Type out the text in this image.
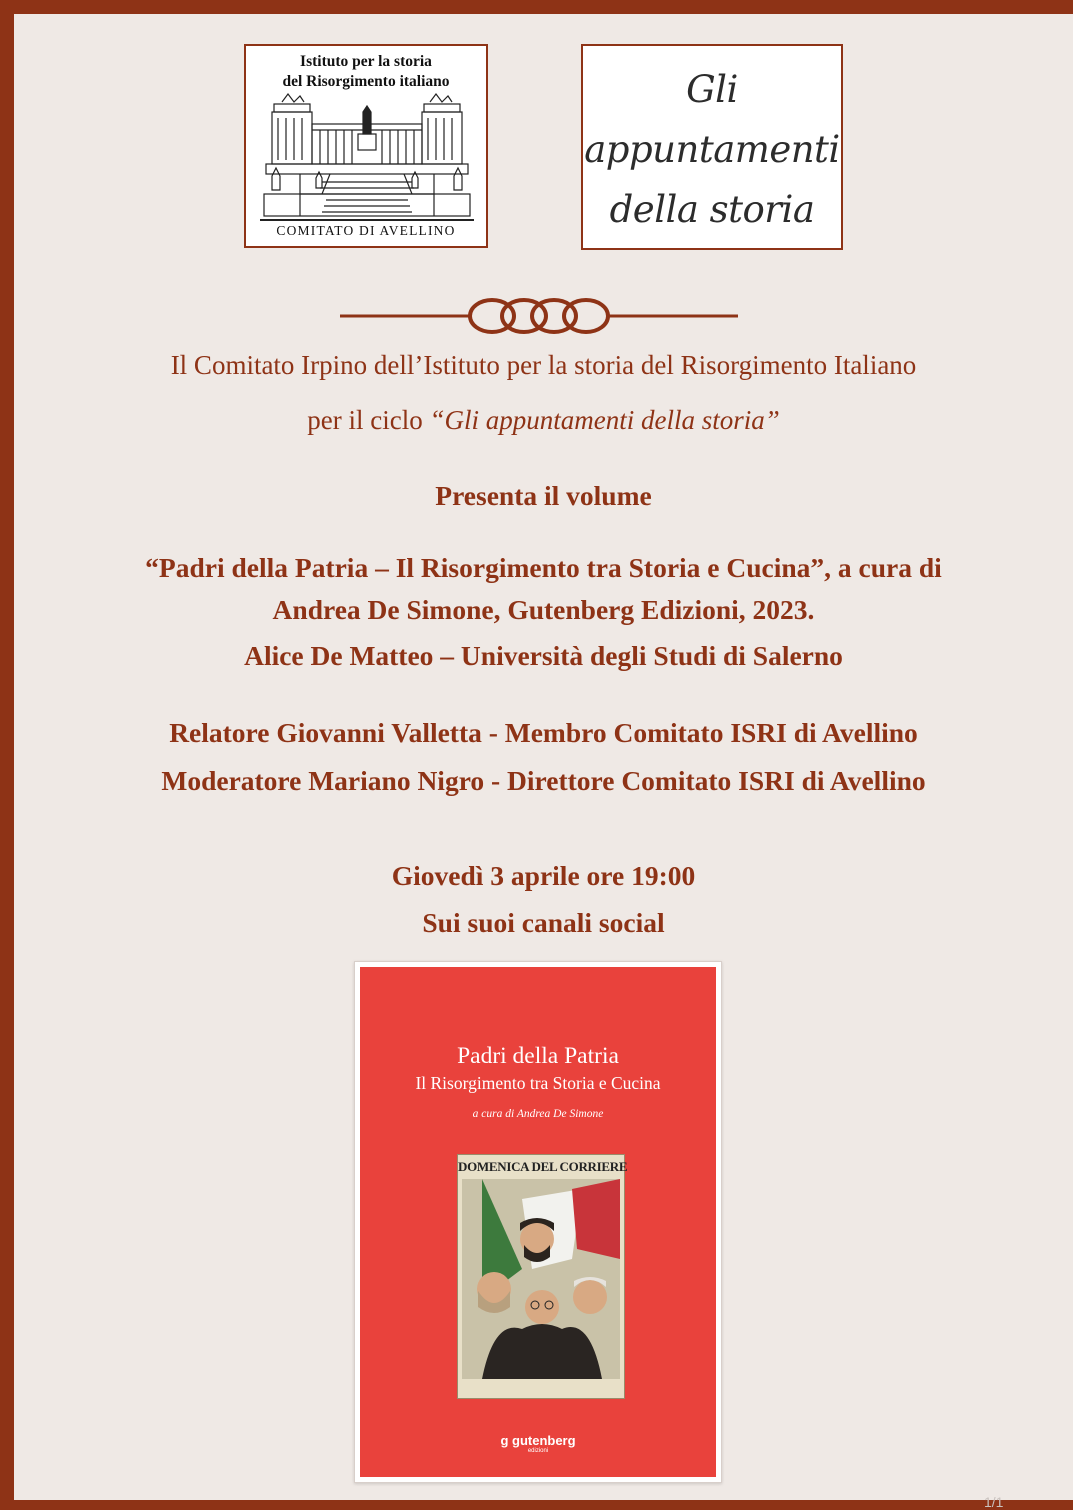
Istituto per la storia
del Risorgimento italiano
COMITATO DI AVELLINO
Gli
appuntamenti
della storia
Il Comitato Irpino dell’Istituto per la storia del Risorgimento Italiano
per il ciclo “Gli appuntamenti della storia”
Presenta il volume
“Padri della Patria – Il Risorgimento tra Storia e Cucina”, a cura di
Andrea De Simone, Gutenberg Edizioni, 2023.
Alice De Matteo – Università degli Studi di Salerno
Relatore Giovanni Valletta - Membro Comitato ISRI di Avellino
Moderatore Mariano Nigro - Direttore Comitato ISRI di Avellino
Giovedì 3 aprile ore 19:00
Sui suoi canali social
Padri della Patria
Il Risorgimento tra Storia e Cucina
a cura di Andrea De Simone
DOMENICA DEL CORRIERE
ɡ gutenberg
edizioni
1/1
